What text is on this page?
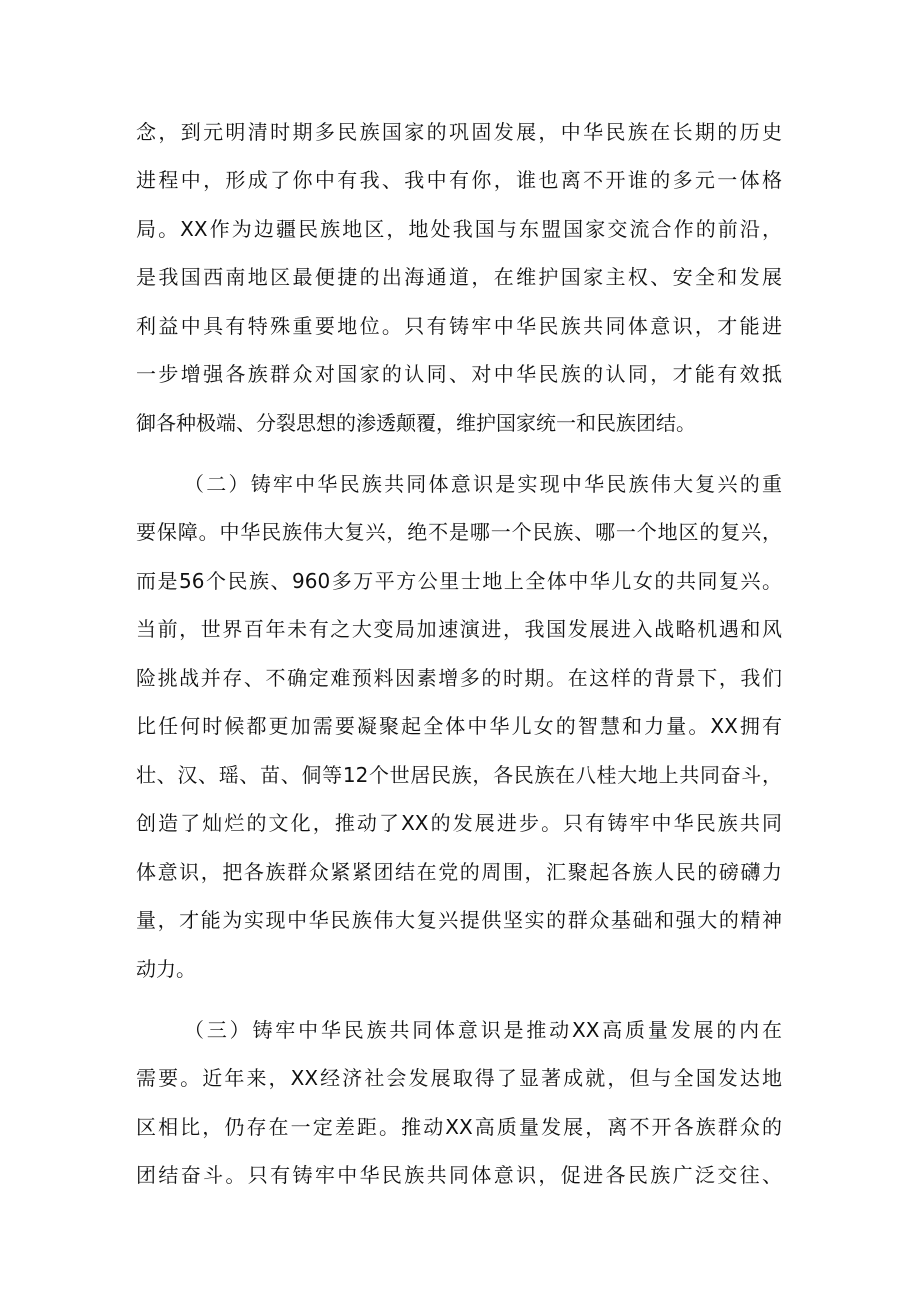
念，到元明清时期多民族国家的巩固发展，中华民族在长期的历史
进程中，形成了你中有我、我中有你，谁也离不开谁的多元一体格
局。XX作为边疆民族地区，地处我国与东盟国家交流合作的前沿，
是我国西南地区最便捷的出海通道，在维护国家主权、安全和发展
利益中具有特殊重要地位。只有铸牢中华民族共同体意识，才能进
一步增强各族群众对国家的认同、对中华民族的认同，才能有效抵
御各种极端、分裂思想的渗透颠覆，维护国家统一和民族团结。
（二）铸牢中华民族共同体意识是实现中华民族伟大复兴的重
要保障。中华民族伟大复兴，绝不是哪一个民族、哪一个地区的复兴，
而是56个民族、960多万平方公里士地上全体中华儿女的共同复兴。
当前，世界百年未有之大变局加速演进，我国发展进入战略机遇和风
险挑战并存、不确定难预料因素增多的时期。在这样的背景下，我们
比任何时候都更加需要凝聚起全体中华儿女的智慧和力量。XX拥有
壮、汉、瑶、苗、侗等12个世居民族，各民族在八桂大地上共同奋斗，
创造了灿烂的文化，推动了XX的发展进步。只有铸牢中华民族共同
体意识，把各族群众紧紧团结在党的周围，汇聚起各族人民的磅礴力
量，才能为实现中华民族伟大复兴提供坚实的群众基础和强大的精神
动力。
（三）铸牢中华民族共同体意识是推动XX高质量发展的内在
需要。近年来，XX经济社会发展取得了显著成就，但与全国发达地
区相比，仍存在一定差距。推动XX高质量发展，离不开各族群众的
团结奋斗。只有铸牢中华民族共同体意识，促进各民族广泛交往、
